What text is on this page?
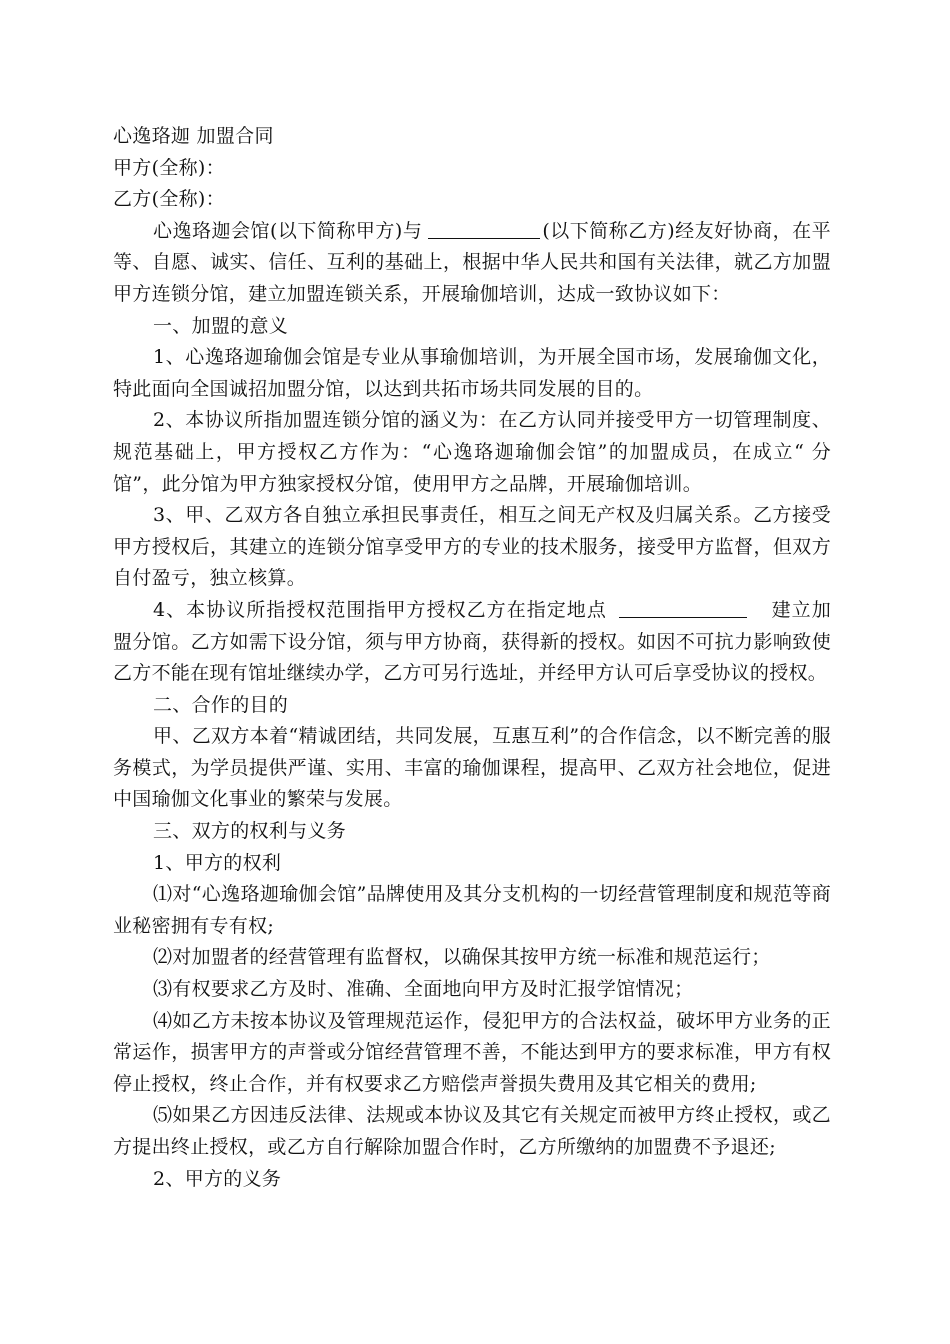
心逸珞迦 加盟合同

甲方(全称)：

乙方(全称)：

心逸珞迦会馆(以下简称甲方)与	(以下简称乙方)经友好协商，在平等、自愿、诚实、信任、互利的基础上，根据中华人民共和国有关法律，就乙方加盟甲方连锁分馆，建立加盟连锁关系，开展瑜伽培训，达成一致协议如下：

一、加盟的意义

1、心逸珞迦瑜伽会馆是专业从事瑜伽培训，为开展全国市场，发展瑜伽文化，特此面向全国诚招加盟分馆，以达到共拓市场共同发展的目的。

2、本协议所指加盟连锁分馆的涵义为：在乙方认同并接受甲方一切管理制度、规范基础上，甲方授权乙方作为：“心逸珞迦瑜伽会馆”的加盟成员，在成立“ 分馆”，此分馆为甲方独家授权分馆，使用甲方之品牌，开展瑜伽培训。

3、甲、乙双方各自独立承担民事责任，相互之间无产权及归属关系。乙方接受甲方授权后，其建立的连锁分馆享受甲方的专业的技术服务，接受甲方监督，但双方自付盈亏，独立核算。

4、本协议所指授权范围指甲方授权乙方在指定地点	建立加盟分馆。乙方如需下设分馆，须与甲方协商，获得新的授权。如因不可抗力影响致使乙方不能在现有馆址继续办学，乙方可另行选址，并经甲方认可后享受协议的授权。

二、合作的目的

甲、乙双方本着“精诚团结，共同发展，互惠互利”的合作信念，以不断完善的服务模式，为学员提供严谨、实用、丰富的瑜伽课程，提高甲、乙双方社会地位，促进中国瑜伽文化事业的繁荣与发展。

三、双方的权利与义务

1、甲方的权利

⑴对“心逸珞迦瑜伽会馆”品牌使用及其分支机构的一切经营管理制度和规范等商业秘密拥有专有权;

⑵对加盟者的经营管理有监督权，以确保其按甲方统一标准和规范运行；

⑶有权要求乙方及时、准确、全面地向甲方及时汇报学馆情况；

⑷如乙方未按本协议及管理规范运作，侵犯甲方的合法权益，破坏甲方业务的正常运作，损害甲方的声誉或分馆经营管理不善，不能达到甲方的要求标准，甲方有权停止授权，终止合作，并有权要求乙方赔偿声誉损失费用及其它相关的费用;

⑸如果乙方因违反法律、法规或本协议及其它有关规定而被甲方终止授权，或乙方提出终止授权，或乙方自行解除加盟合作时，乙方所缴纳的加盟费不予退还;

2、甲方的义务
